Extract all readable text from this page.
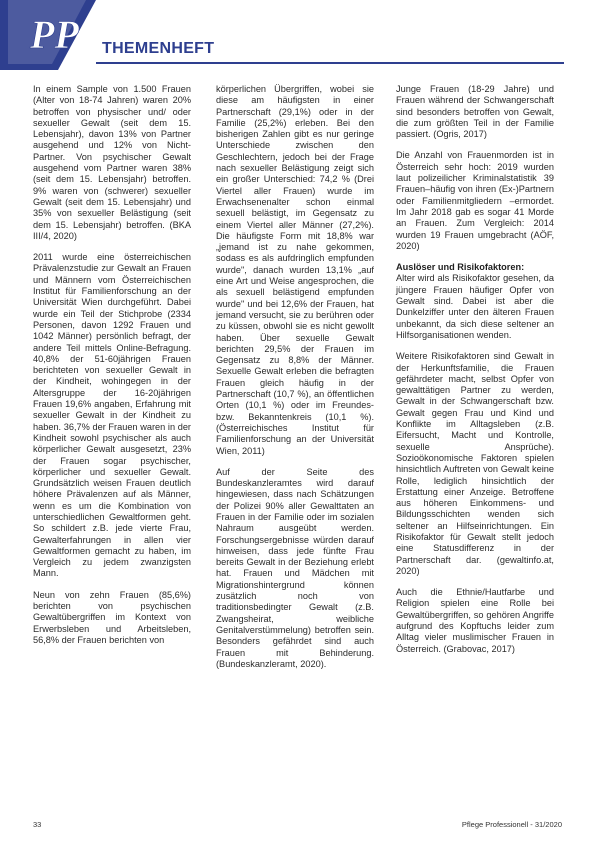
PP THEMENHEFT

In einem Sample von 1.500 Frauen (Alter von 18-74 Jahren) waren 20% betroffen von physischer und/ oder sexueller Gewalt (seit dem 15. Lebensjahr), davon 13% von Partner ausgehend und 12% von Nicht-Partner. Von psychischer Gewalt ausgehend vom Partner waren 38% (seit dem 15. Lebensjahr) betroffen. 9% waren von (schwerer) sexueller Gewalt (seit dem 15. Lebensjahr) und 35% von sexueller Belästigung (seit dem 15. Lebensjahr) betroffen. (BKA III/4, 2020)

2011 wurde eine österreichischen Prävalenzstudie zur Gewalt an Frauen und Männern vom Österreichischen Institut für Familienforschung an der Universität Wien durchgeführt. Dabei wurde ein Teil der Stichprobe (2334 Personen, davon 1292 Frauen und 1042 Männer) persönlich befragt, der andere Teil mittels Online-Befragung. 40,8% der 51-60jährigen Frauen berichteten von sexueller Gewalt in der Kindheit, wohingegen in der Altersgruppe der 16-20jährigen Frauen 19,6% angaben, Erfahrung mit sexueller Gewalt in der Kindheit zu haben. 36,7% der Frauen waren in der Kindheit sowohl psychischer als auch körperlicher Gewalt ausgesetzt, 23% der Frauen sogar psychischer, körperlicher und sexueller Gewalt. Grundsätzlich weisen Frauen deutlich höhere Prävalenzen auf als Männer, wenn es um die Kombination von unterschiedlichen Gewaltformen geht. So schildert z.B. jede vierte Frau, Gewalterfahrungen in allen vier Gewaltformen gemacht zu haben, im Vergleich zu jedem zwanzigsten Mann.

Neun von zehn Frauen (85,6%) berichten von psychischen Gewaltübergriffen im Kontext von Erwerbsleben und Arbeitsleben, 56,8% der Frauen berichten von

körperlichen Übergriffen, wobei sie diese am häufigsten in einer Partnerschaft (29,1%) oder in der Familie (25,2%) erleben. Bei den bisherigen Zahlen gibt es nur geringe Unterschiede zwischen den Geschlechtern, jedoch bei der Frage nach sexueller Belästigung zeigt sich ein großer Unterschied: 74,2 % (Drei Viertel aller Frauen) wurde im Erwachsenenalter schon einmal sexuell belästigt, im Gegensatz zu einem Viertel aller Männer (27,2%). Die häufigste Form mit 18,8% war „jemand ist zu nahe gekommen, sodass es als aufdringlich empfunden wurde", danach wurden 13,1% „auf eine Art und Weise angesprochen, die als sexuell belästigend empfunden wurde" und bei 12,6% der Frauen, hat jemand versucht, sie zu berühren oder zu küssen, obwohl sie es nicht gewollt haben. Über sexuelle Gewalt berichten 29,5% der Frauen im Gegensatz zu 8,8% der Männer. Sexuelle Gewalt erleben die befragten Frauen gleich häufig in der Partnerschaft (10,7 %), an öffentlichen Orten (10,1 %) oder im Freundes- bzw. Bekanntenkreis (10,1 %). (Österreichisches Institut für Familienforschung an der Universität Wien, 2011)

Auf der Seite des Bundeskanzleramtes wird darauf hingewiesen, dass nach Schätzungen der Polizei 90% aller Gewalttaten an Frauen in der Familie oder im sozialen Nahraum ausgeübt werden. Forschungsergebnisse würden darauf hinweisen, dass jede fünfte Frau bereits Gewalt in der Beziehung erlebt hat. Frauen und Mädchen mit Migrationshintergrund können zusätzlich noch von traditionsbedingter Gewalt (z.B. Zwangsheirat, weibliche Genitalverstümmelung) betroffen sein. Besonders gefährdet sind auch Frauen mit Behinderung. (Bundeskanzleramt, 2020).

Junge Frauen (18-29 Jahre) und Frauen während der Schwangerschaft sind besonders betroffen von Gewalt, die zum größten Teil in der Familie passiert. (Ogris, 2017)

Die Anzahl von Frauenmorden ist in Österreich sehr hoch: 2019 wurden laut polizeilicher Kriminalstatistik 39 Frauen–häufig von ihren (Ex-)Partnern oder Familienmitgliedern –ermordet. Im Jahr 2018 gab es sogar 41 Morde an Frauen. Zum Vergleich: 2014 wurden 19 Frauen umgebracht (AÖF, 2020)

Auslöser und Risikofaktoren:

Alter wird als Risikofaktor gesehen, da jüngere Frauen häufiger Opfer von Gewalt sind. Dabei ist aber die Dunkelziffer unter den älteren Frauen unbekannt, da sich diese seltener an Hilfsorganisationen wenden.

Weitere Risikofaktoren sind Gewalt in der Herkunftsfamilie, die Frauen gefährdeter macht, selbst Opfer von gewalttätigen Partner zu werden, Gewalt in der Schwangerschaft bzw. Gewalt gegen Frau und Kind und Konflikte im Alltagsleben (z.B. Eifersucht, Macht und Kontrolle, sexuelle Ansprüche). Sozioökonomische Faktoren spielen hinsichtlich Auftreten von Gewalt keine Rolle, lediglich hinsichtlich der Erstattung einer Anzeige. Betroffene aus höheren Einkommens- und Bildungsschichten wenden sich seltener an Hilfseinrichtungen. Ein Risikofaktor für Gewalt stellt jedoch eine Statusdifferenz in der Partnerschaft dar. (gewaltinfo.at, 2020)

Auch die Ethnie/Hautfarbe und Religion spielen eine Rolle bei Gewaltübergriffen, so gehören Angriffe aufgrund des Kopftuchs leider zum Alltag vieler muslimischer Frauen in Österreich. (Grabovac, 2017)

33	Pflege Professionell - 31/2020
